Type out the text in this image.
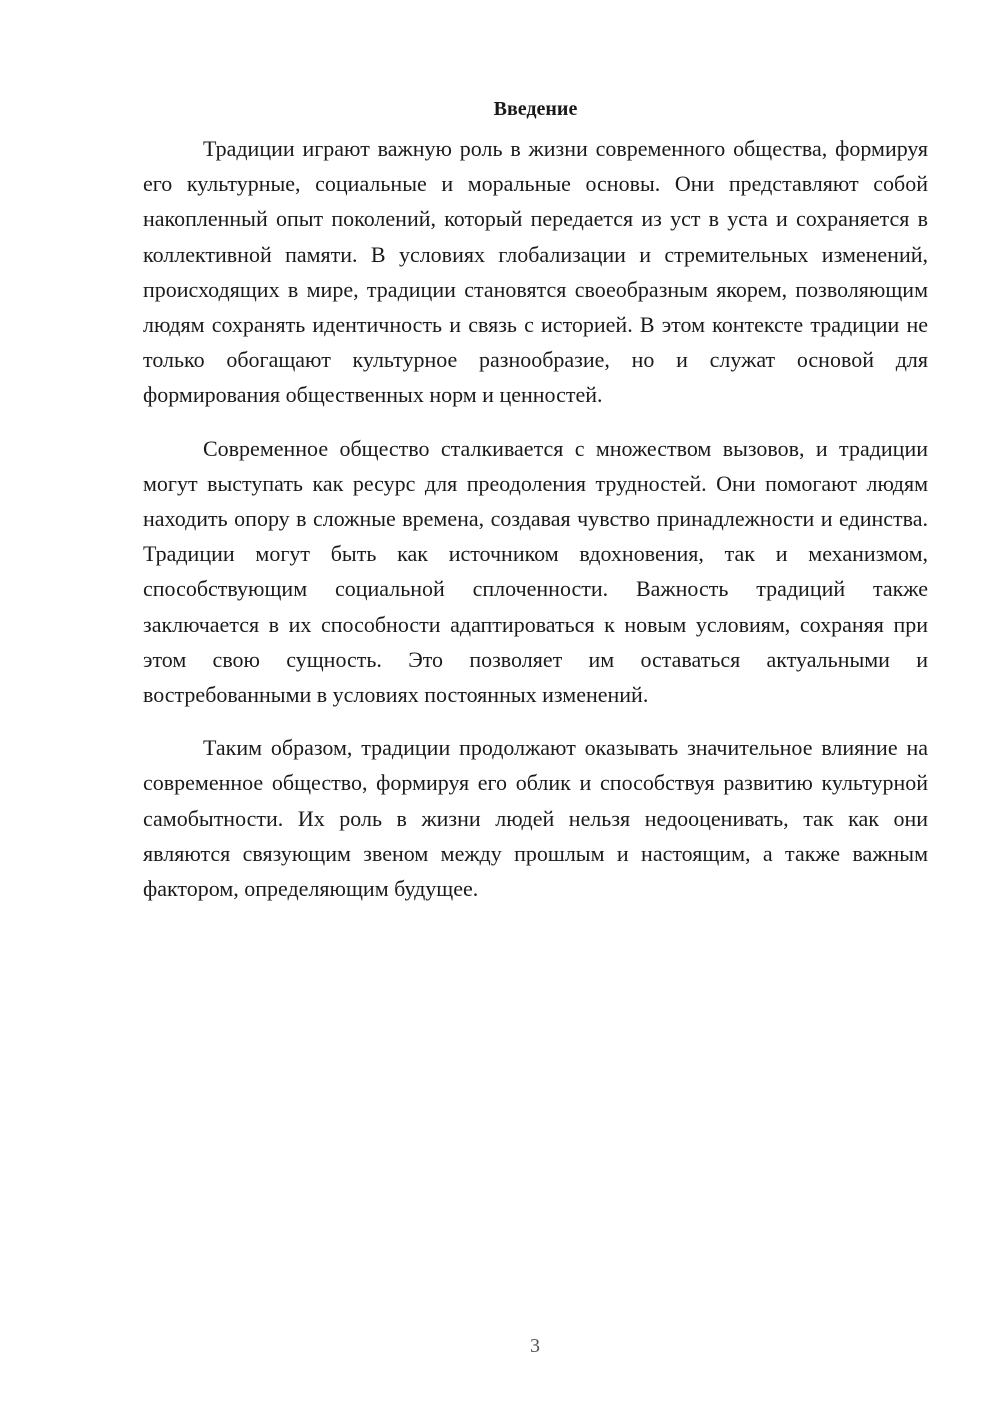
Введение

Традиции играют важную роль в жизни современного общества, формируя его культурные, социальные и моральные основы. Они представляют собой накопленный опыт поколений, который передается из уст в уста и сохраняется в коллективной памяти. В условиях глобализации и стремительных изменений, происходящих в мире, традиции становятся своеобразным якорем, позволяющим людям сохранять идентичность и связь с историей. В этом контексте традиции не только обогащают культурное разнообразие, но и служат основой для формирования общественных норм и ценностей.

Современное общество сталкивается с множеством вызовов, и традиции могут выступать как ресурс для преодоления трудностей. Они помогают людям находить опору в сложные времена, создавая чувство принадлежности и единства. Традиции могут быть как источником вдохновения, так и механизмом, способствующим социальной сплоченности. Важность традиций также заключается в их способности адаптироваться к новым условиям, сохраняя при этом свою сущность. Это позволяет им оставаться актуальными и востребованными в условиях постоянных изменений.

Таким образом, традиции продолжают оказывать значительное влияние на современное общество, формируя его облик и способствуя развитию культурной самобытности. Их роль в жизни людей нельзя недооценивать, так как они являются связующим звеном между прошлым и настоящим, а также важным фактором, определяющим будущее.

3
